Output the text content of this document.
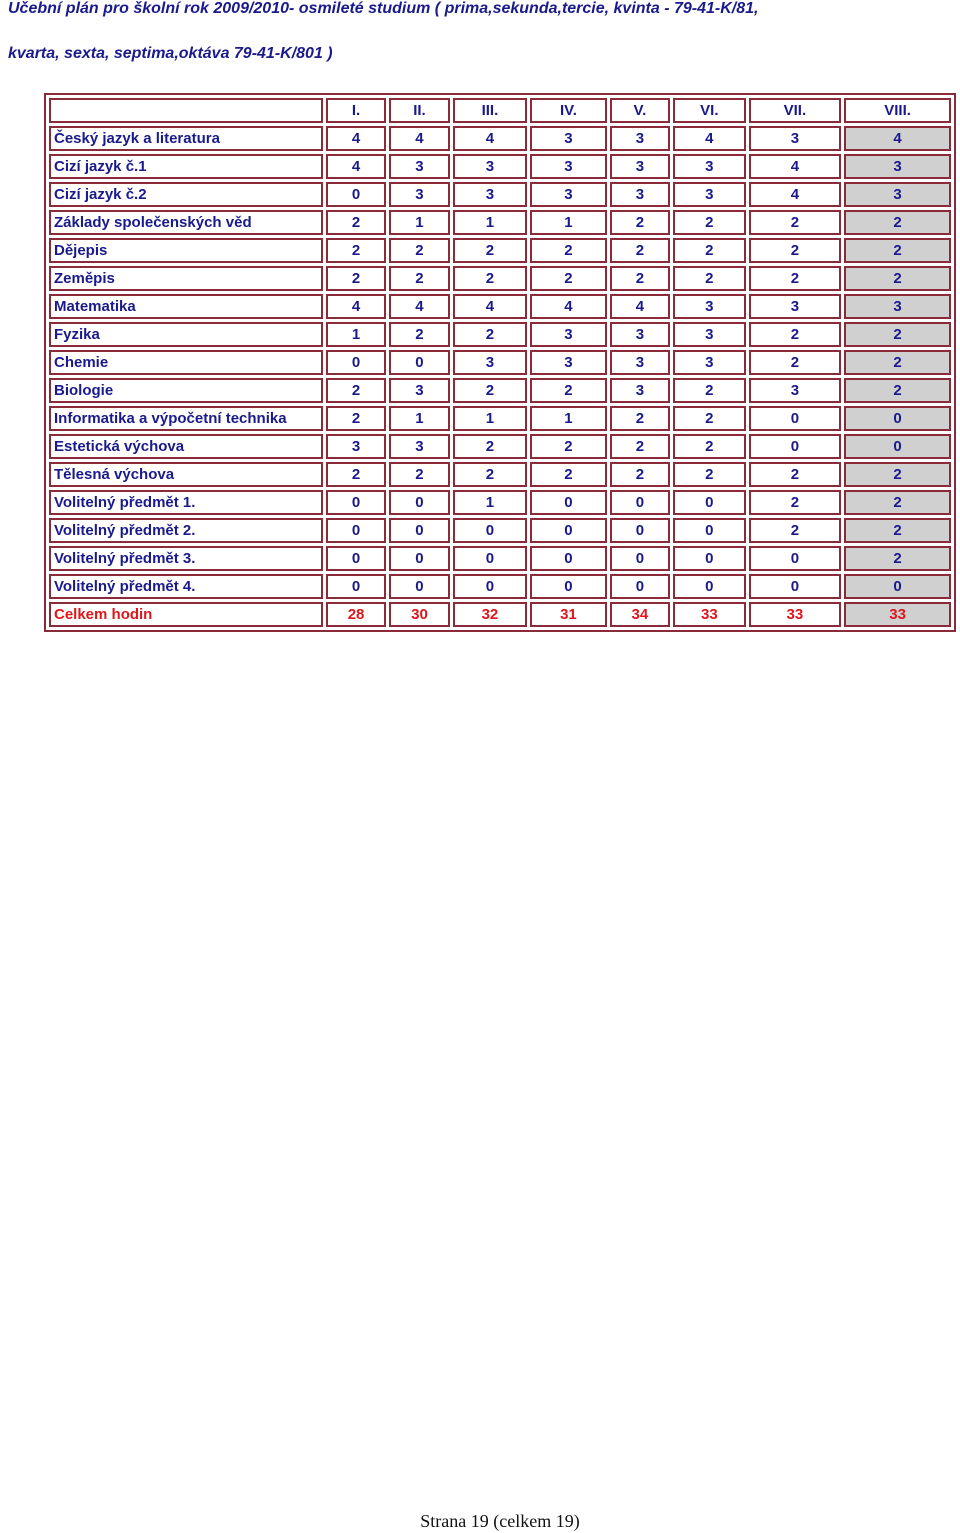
Učební plán pro školní rok 2009/2010- osmileté studium ( prima,sekunda,tercie, kvinta - 79-41-K/81,
kvarta, sexta, septima,oktáva 79-41-K/801 )
	I.	II.	III.	IV.	V.	VI.	VII.	VIII.
Český jazyk a literatura	4	4	4	3	3	4	3	4
Cizí jazyk č.1	4	3	3	3	3	3	4	3
Cizí jazyk č.2	0	3	3	3	3	3	4	3
Základy společenských věd	2	1	1	1	2	2	2	2
Dějepis	2	2	2	2	2	2	2	2
Zeměpis	2	2	2	2	2	2	2	2
Matematika	4	4	4	4	4	3	3	3
Fyzika	1	2	2	3	3	3	2	2
Chemie	0	0	3	3	3	3	2	2
Biologie	2	3	2	2	3	2	3	2
Informatika a výpočetní technika	2	1	1	1	2	2	0	0
Estetická výchova	3	3	2	2	2	2	0	0
Tělesná výchova	2	2	2	2	2	2	2	2
Volitelný předmět 1.	0	0	1	0	0	0	2	2
Volitelný předmět 2.	0	0	0	0	0	0	2	2
Volitelný předmět 3.	0	0	0	0	0	0	0	2
Volitelný předmět 4.	0	0	0	0	0	0	0	0
Celkem hodin	28	30	32	31	34	33	33	33
Strana 19 (celkem 19)
